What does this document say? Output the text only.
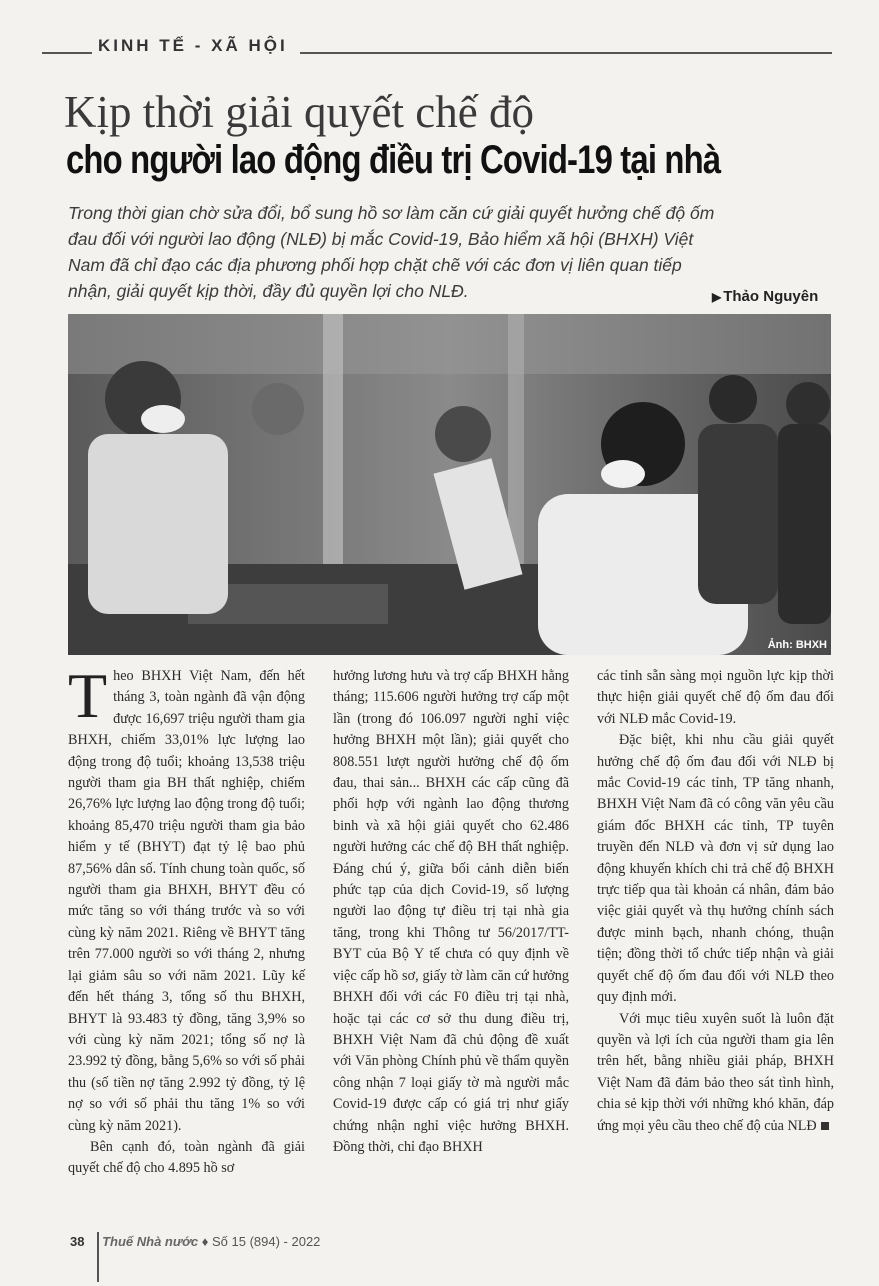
KINH TẾ - XÃ HỘI
Kịp thời giải quyết chế độ
cho người lao động điều trị Covid-19 tại nhà
Trong thời gian chờ sửa đổi, bổ sung hồ sơ làm căn cứ giải quyết hưởng chế độ ốm đau đối với người lao động (NLĐ) bị mắc Covid-19, Bảo hiểm xã hội (BHXH) Việt Nam đã chỉ đạo các địa phương phối hợp chặt chẽ với các đơn vị liên quan tiếp nhận, giải quyết kịp thời, đầy đủ quyền lợi cho NLĐ.	▶ Thảo Nguyên
Ảnh: BHXH

Theo BHXH Việt Nam, đến hết tháng 3, toàn ngành đã vận động được 16,697 triệu người tham gia BHXH, chiếm 33,01% lực lượng lao động trong độ tuổi; khoảng 13,538 triệu người tham gia BH thất nghiệp, chiếm 26,76% lực lượng lao động trong độ tuổi; khoảng 85,470 triệu người tham gia bảo hiểm y tế (BHYT) đạt tỷ lệ bao phủ 87,56% dân số. Tính chung toàn quốc, số người tham gia BHXH, BHYT đều có mức tăng so với tháng trước và so với cùng kỳ năm 2021. Riêng về BHYT tăng trên 77.000 người so với tháng 2, nhưng lại giảm sâu so với năm 2021. Lũy kế đến hết tháng 3, tổng số thu BHXH, BHYT là 93.483 tỷ đồng, tăng 3,9% so với cùng kỳ năm 2021; tổng số nợ là 23.992 tỷ đồng, bằng 5,6% so với số phải thu (số tiền nợ tăng 2.992 tỷ đồng, tỷ lệ nợ so với số phải thu tăng 1% so với cùng kỳ năm 2021).

Bên cạnh đó, toàn ngành đã giải quyết chế độ cho 4.895 hồ sơ

hưởng lương hưu và trợ cấp BHXH hằng tháng; 115.606 người hưởng trợ cấp một lần (trong đó 106.097 người nghỉ việc hưởng BHXH một lần); giải quyết cho 808.551 lượt người hưởng chế độ ốm đau, thai sản... BHXH các cấp cũng đã phối hợp với ngành lao động thương binh và xã hội giải quyết cho 62.486 người hưởng các chế độ BH thất nghiệp. Đáng chú ý, giữa bối cảnh diễn biến phức tạp của dịch Covid-19, số lượng người lao động tự điều trị tại nhà gia tăng, trong khi Thông tư 56/2017/TT-BYT của Bộ Y tế chưa có quy định về việc cấp hồ sơ, giấy tờ làm căn cứ hưởng BHXH đối với các F0 điều trị tại nhà, hoặc tại các cơ sở thu dung điều trị, BHXH Việt Nam đã chủ động đề xuất với Văn phòng Chính phủ về thẩm quyền công nhận 7 loại giấy tờ mà người mắc Covid-19 được cấp có giá trị như giấy chứng nhận nghỉ việc hưởng BHXH. Đồng thời, chỉ đạo BHXH

các tỉnh sẵn sàng mọi nguồn lực kịp thời thực hiện giải quyết chế độ ốm đau đối với NLĐ mắc Covid-19.

Đặc biệt, khi nhu cầu giải quyết hưởng chế độ ốm đau đối với NLĐ bị mắc Covid-19 các tỉnh, TP tăng nhanh, BHXH Việt Nam đã có công văn yêu cầu giám đốc BHXH các tỉnh, TP tuyên truyền đến NLĐ và đơn vị sử dụng lao động khuyến khích chi trả chế độ BHXH trực tiếp qua tài khoản cá nhân, đảm bảo việc giải quyết và thụ hưởng chính sách được minh bạch, nhanh chóng, thuận tiện; đồng thời tổ chức tiếp nhận và giải quyết chế độ ốm đau đối với NLĐ theo quy định mới.

Với mục tiêu xuyên suốt là luôn đặt quyền và lợi ích của người tham gia lên trên hết, bằng nhiều giải pháp, BHXH Việt Nam đã đảm bảo theo sát tình hình, chia sẻ kịp thời với những khó khăn, đáp ứng mọi yêu cầu theo chế độ của NLĐ

38 Thuế Nhà nước ♦ Số 15 (894) - 2022
